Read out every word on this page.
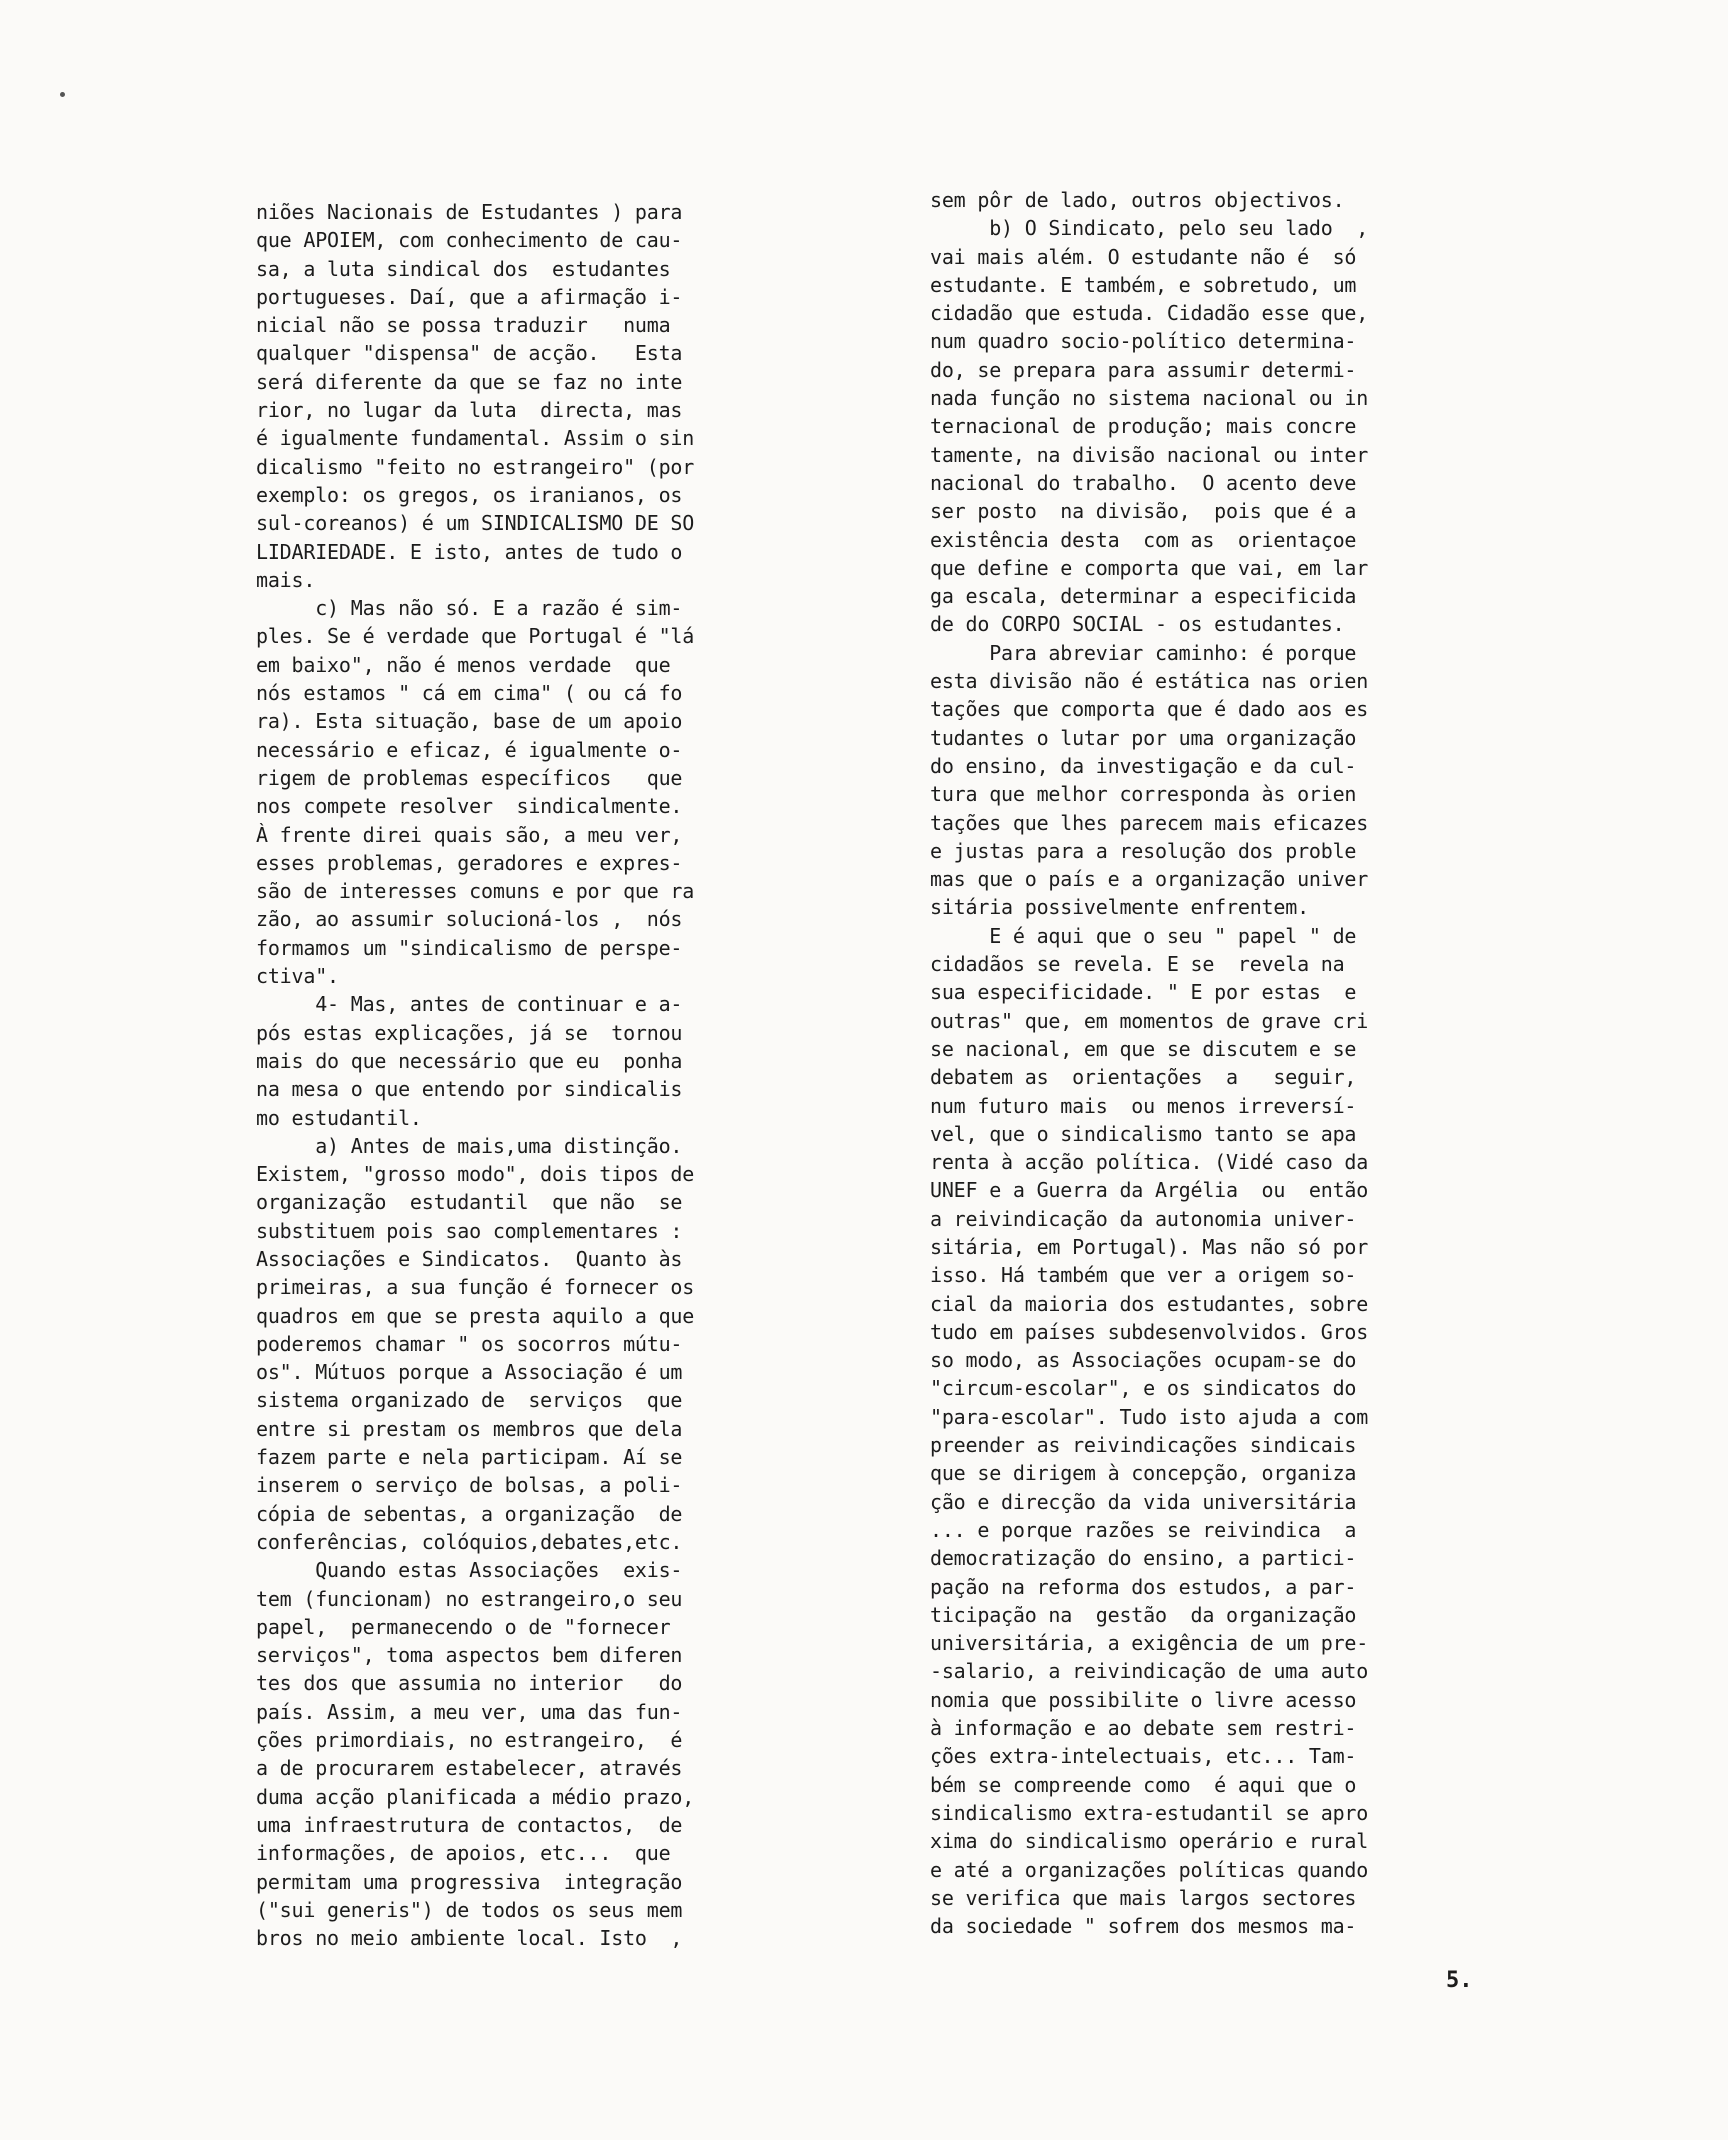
niões Nacionais de Estudantes ) para
que APOIEM, com conhecimento de cau-
sa, a luta sindical dos  estudantes
portugueses. Daí, que a afirmação i-
nicial não se possa traduzir   numa
qualquer "dispensa" de acção.   Esta
será diferente da que se faz no inte
rior, no lugar da luta  directa, mas
é igualmente fundamental. Assim o sin
dicalismo "feito no estrangeiro" (por
exemplo: os gregos, os iranianos, os
sul-coreanos) é um SINDICALISMO DE SO
LIDARIEDADE. E isto, antes de tudo o
mais.
c) Mas não só. E a razão é sim-
ples. Se é verdade que Portugal é "lá
em baixo", não é menos verdade  que
nós estamos " cá em cima" ( ou cá fo
ra). Esta situação, base de um apoio
necessário e eficaz, é igualmente o-
rigem de problemas específicos   que
nos compete resolver  sindicalmente.
À frente direi quais são, a meu ver,
esses problemas, geradores e expres-
são de interesses comuns e por que ra
zão, ao assumir solucioná-los ,  nós
formamos um "sindicalismo de perspe-
ctiva".
4- Mas, antes de continuar e a-
pós estas explicações, já se  tornou
mais do que necessário que eu  ponha
na mesa o que entendo por sindicalis
mo estudantil.
a) Antes de mais,uma distinção.
Existem, "grosso modo", dois tipos de
organização  estudantil  que não  se
substituem pois sao complementares :
Associações e Sindicatos.  Quanto às
primeiras, a sua função é fornecer os
quadros em que se presta aquilo a que
poderemos chamar " os socorros mútu-
os". Mútuos porque a Associação é um
sistema organizado de  serviços  que
entre si prestam os membros que dela
fazem parte e nela participam. Aí se
inserem o serviço de bolsas, a poli-
cópia de sebentas, a organização  de
conferências, colóquios,debates,etc.
Quando estas Associações  exis-
tem (funcionam) no estrangeiro,o seu
papel,  permanecendo o de "fornecer
serviços", toma aspectos bem diferen
tes dos que assumia no interior   do
país. Assim, a meu ver, uma das fun-
ções primordiais, no estrangeiro,  é
a de procurarem estabelecer, através
duma acção planificada a médio prazo,
uma infraestrutura de contactos,  de
informações, de apoios, etc...  que
permitam uma progressiva  integração
("sui generis") de todos os seus mem
bros no meio ambiente local. Isto  ,
sem pôr de lado, outros objectivos.
b) O Sindicato, pelo seu lado  ,
vai mais além. O estudante não é  só
estudante. E também, e sobretudo, um
cidadão que estuda. Cidadão esse que,
num quadro socio-político determina-
do, se prepara para assumir determi-
nada função no sistema nacional ou in
ternacional de produção; mais concre
tamente, na divisão nacional ou inter
nacional do trabalho.  O acento deve
ser posto  na divisão,  pois que é a
existência desta  com as  orientaçoe
que define e comporta que vai, em lar
ga escala, determinar a especificida
de do CORPO SOCIAL - os estudantes.
Para abreviar caminho: é porque
esta divisão não é estática nas orien
tações que comporta que é dado aos es
tudantes o lutar por uma organização
do ensino, da investigação e da cul-
tura que melhor corresponda às orien
tações que lhes parecem mais eficazes
e justas para a resolução dos proble
mas que o país e a organização univer
sitária possivelmente enfrentem.
E é aqui que o seu " papel " de
cidadãos se revela. E se  revela na
sua especificidade. " E por estas  e
outras" que, em momentos de grave cri
se nacional, em que se discutem e se
debatem as  orientações  a   seguir,
num futuro mais  ou menos irreversí-
vel, que o sindicalismo tanto se apa
renta à acção política. (Vidé caso da
UNEF e a Guerra da Argélia  ou  então
a reivindicação da autonomia univer-
sitária, em Portugal). Mas não só por
isso. Há também que ver a origem so-
cial da maioria dos estudantes, sobre
tudo em países subdesenvolvidos. Gros
so modo, as Associações ocupam-se do
"circum-escolar", e os sindicatos do
"para-escolar". Tudo isto ajuda a com
preender as reivindicações sindicais
que se dirigem à concepção, organiza
ção e direcção da vida universitária
... e porque razões se reivindica  a
democratização do ensino, a partici-
pação na reforma dos estudos, a par-
ticipação na  gestão  da organização
universitária, a exigência de um pre-
-salario, a reivindicação de uma auto
nomia que possibilite o livre acesso
à informação e ao debate sem restri-
ções extra-intelectuais, etc... Tam-
bém se compreende como  é aqui que o
sindicalismo extra-estudantil se apro
xima do sindicalismo operário e rural
e até a organizações políticas quando
se verifica que mais largos sectores
da sociedade " sofrem dos mesmos ma-
5.
